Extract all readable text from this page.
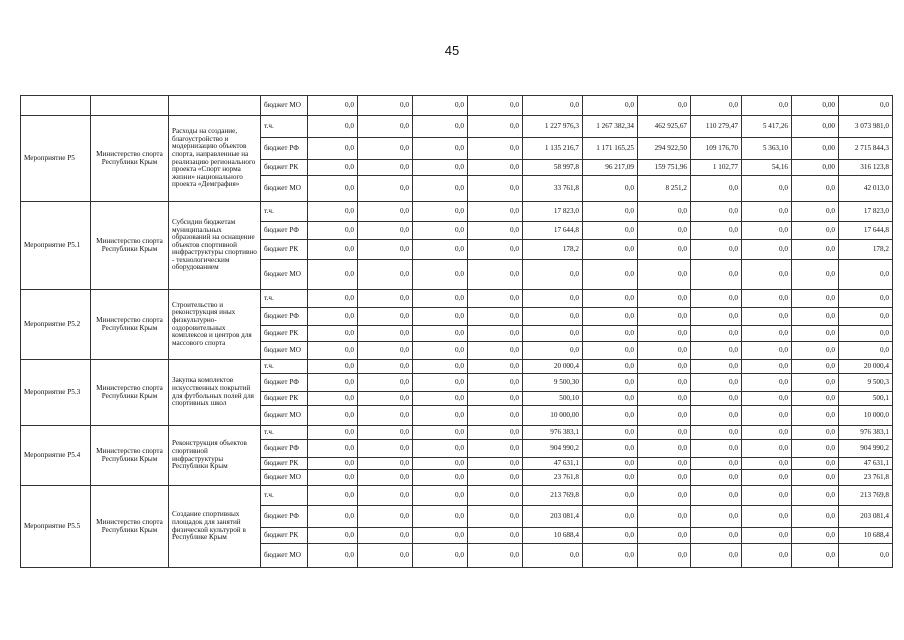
45
			бюджет МО	0,0	0,0	0,0	0,0	0,0	0,0	0,0	0,0	0,0	0,00	0,0
Мероприятие Р5	Министерство спорта Республики Крым	Расходы на создание, благоустройство и модернизацию объектов спорта, направленные на реализацию регионального проекта «Спорт норма жизни» национального проекта «Демграфия»	т.ч.	0,0	0,0	0,0	0,0	1 227 976,3	1 267 382,34	462 925,67	110 279,47	5 417,26	0,00	3 073 981,0
			бюджет РФ	0,0	0,0	0,0	0,0	1 135 216,7	1 171 165,25	294 922,50	109 176,70	5 363,10	0,00	2 715 844,3
			бюджет РК	0,0	0,0	0,0	0,0	58 997,8	96 217,09	159 751,96	1 102,77	54,16	0,00	316 123,8
			бюджет МО	0,0	0,0	0,0	0,0	33 761,8	0,0	8 251,2	0,0	0,0	0,0	42 013,0
Мероприятие Р5.1	Министерство спорта Республики Крым	Субсидии бюджетам муниципальных образований на оснащение объектов спортивной инфраструктуры спортивно - технологическим оборудованием	т.ч.	0,0	0,0	0,0	0,0	17 823,0	0,0	0,0	0,0	0,0	0,0	17 823,0
			бюджет РФ	0,0	0,0	0,0	0,0	17 644,8	0,0	0,0	0,0	0,0	0,0	17 644,8
			бюджет РК	0,0	0,0	0,0	0,0	178,2	0,0	0,0	0,0	0,0	0,0	178,2
			бюджет МО	0,0	0,0	0,0	0,0	0,0	0,0	0,0	0,0	0,0	0,0	0,0
Мероприятие Р5.2	Министерство спорта Республики Крым	Строительство и реконструкция иных физкультурно-оздоровительных комплексов и центров для массового спорта	т.ч.	0,0	0,0	0,0	0,0	0,0	0,0	0,0	0,0	0,0	0,0	0,0
			бюджет РФ	0,0	0,0	0,0	0,0	0,0	0,0	0,0	0,0	0,0	0,0	0,0
			бюджет РК	0,0	0,0	0,0	0,0	0,0	0,0	0,0	0,0	0,0	0,0	0,0
			бюджет МО	0,0	0,0	0,0	0,0	0,0	0,0	0,0	0,0	0,0	0,0	0,0
Мероприятие Р5.3	Министерство спорта Республики Крым	Закупка комплектов искусственных покрытий для футбольных полей для спортивных школ	т.ч.	0,0	0,0	0,0	0,0	20 000,4	0,0	0,0	0,0	0,0	0,0	20 000,4
			бюджет РФ	0,0	0,0	0,0	0,0	9 500,30	0,0	0,0	0,0	0,0	0,0	9 500,3
			бюджет РК	0,0	0,0	0,0	0,0	500,10	0,0	0,0	0,0	0,0	0,0	500,1
			бюджет МО	0,0	0,0	0,0	0,0	10 000,00	0,0	0,0	0,0	0,0	0,0	10 000,0
Мероприятие Р5.4	Министерство спорта Республики Крым	Реконструкция объектов спортивной инфраструктуры Республики Крым	т.ч.	0,0	0,0	0,0	0,0	976 383,1	0,0	0,0	0,0	0,0	0,0	976 383,1
			бюджет РФ	0,0	0,0	0,0	0,0	904 990,2	0,0	0,0	0,0	0,0	0,0	904 990,2
			бюджет РК	0,0	0,0	0,0	0,0	47 631,1	0,0	0,0	0,0	0,0	0,0	47 631,1
			бюджет МО	0,0	0,0	0,0	0,0	23 761,8	0,0	0,0	0,0	0,0	0,0	23 761,8
Мероприятие Р5.5	Министерство спорта Республики Крым	Создание спортивных площадок для занятий физической культурой в Республике Крым	т.ч.	0,0	0,0	0,0	0,0	213 769,8	0,0	0,0	0,0	0,0	0,0	213 769,8
			бюджет РФ	0,0	0,0	0,0	0,0	203 081,4	0,0	0,0	0,0	0,0	0,0	203 081,4
			бюджет РК	0,0	0,0	0,0	0,0	10 688,4	0,0	0,0	0,0	0,0	0,0	10 688,4
			бюджет МО	0,0	0,0	0,0	0,0	0,0	0,0	0,0	0,0	0,0	0,0	0,0
